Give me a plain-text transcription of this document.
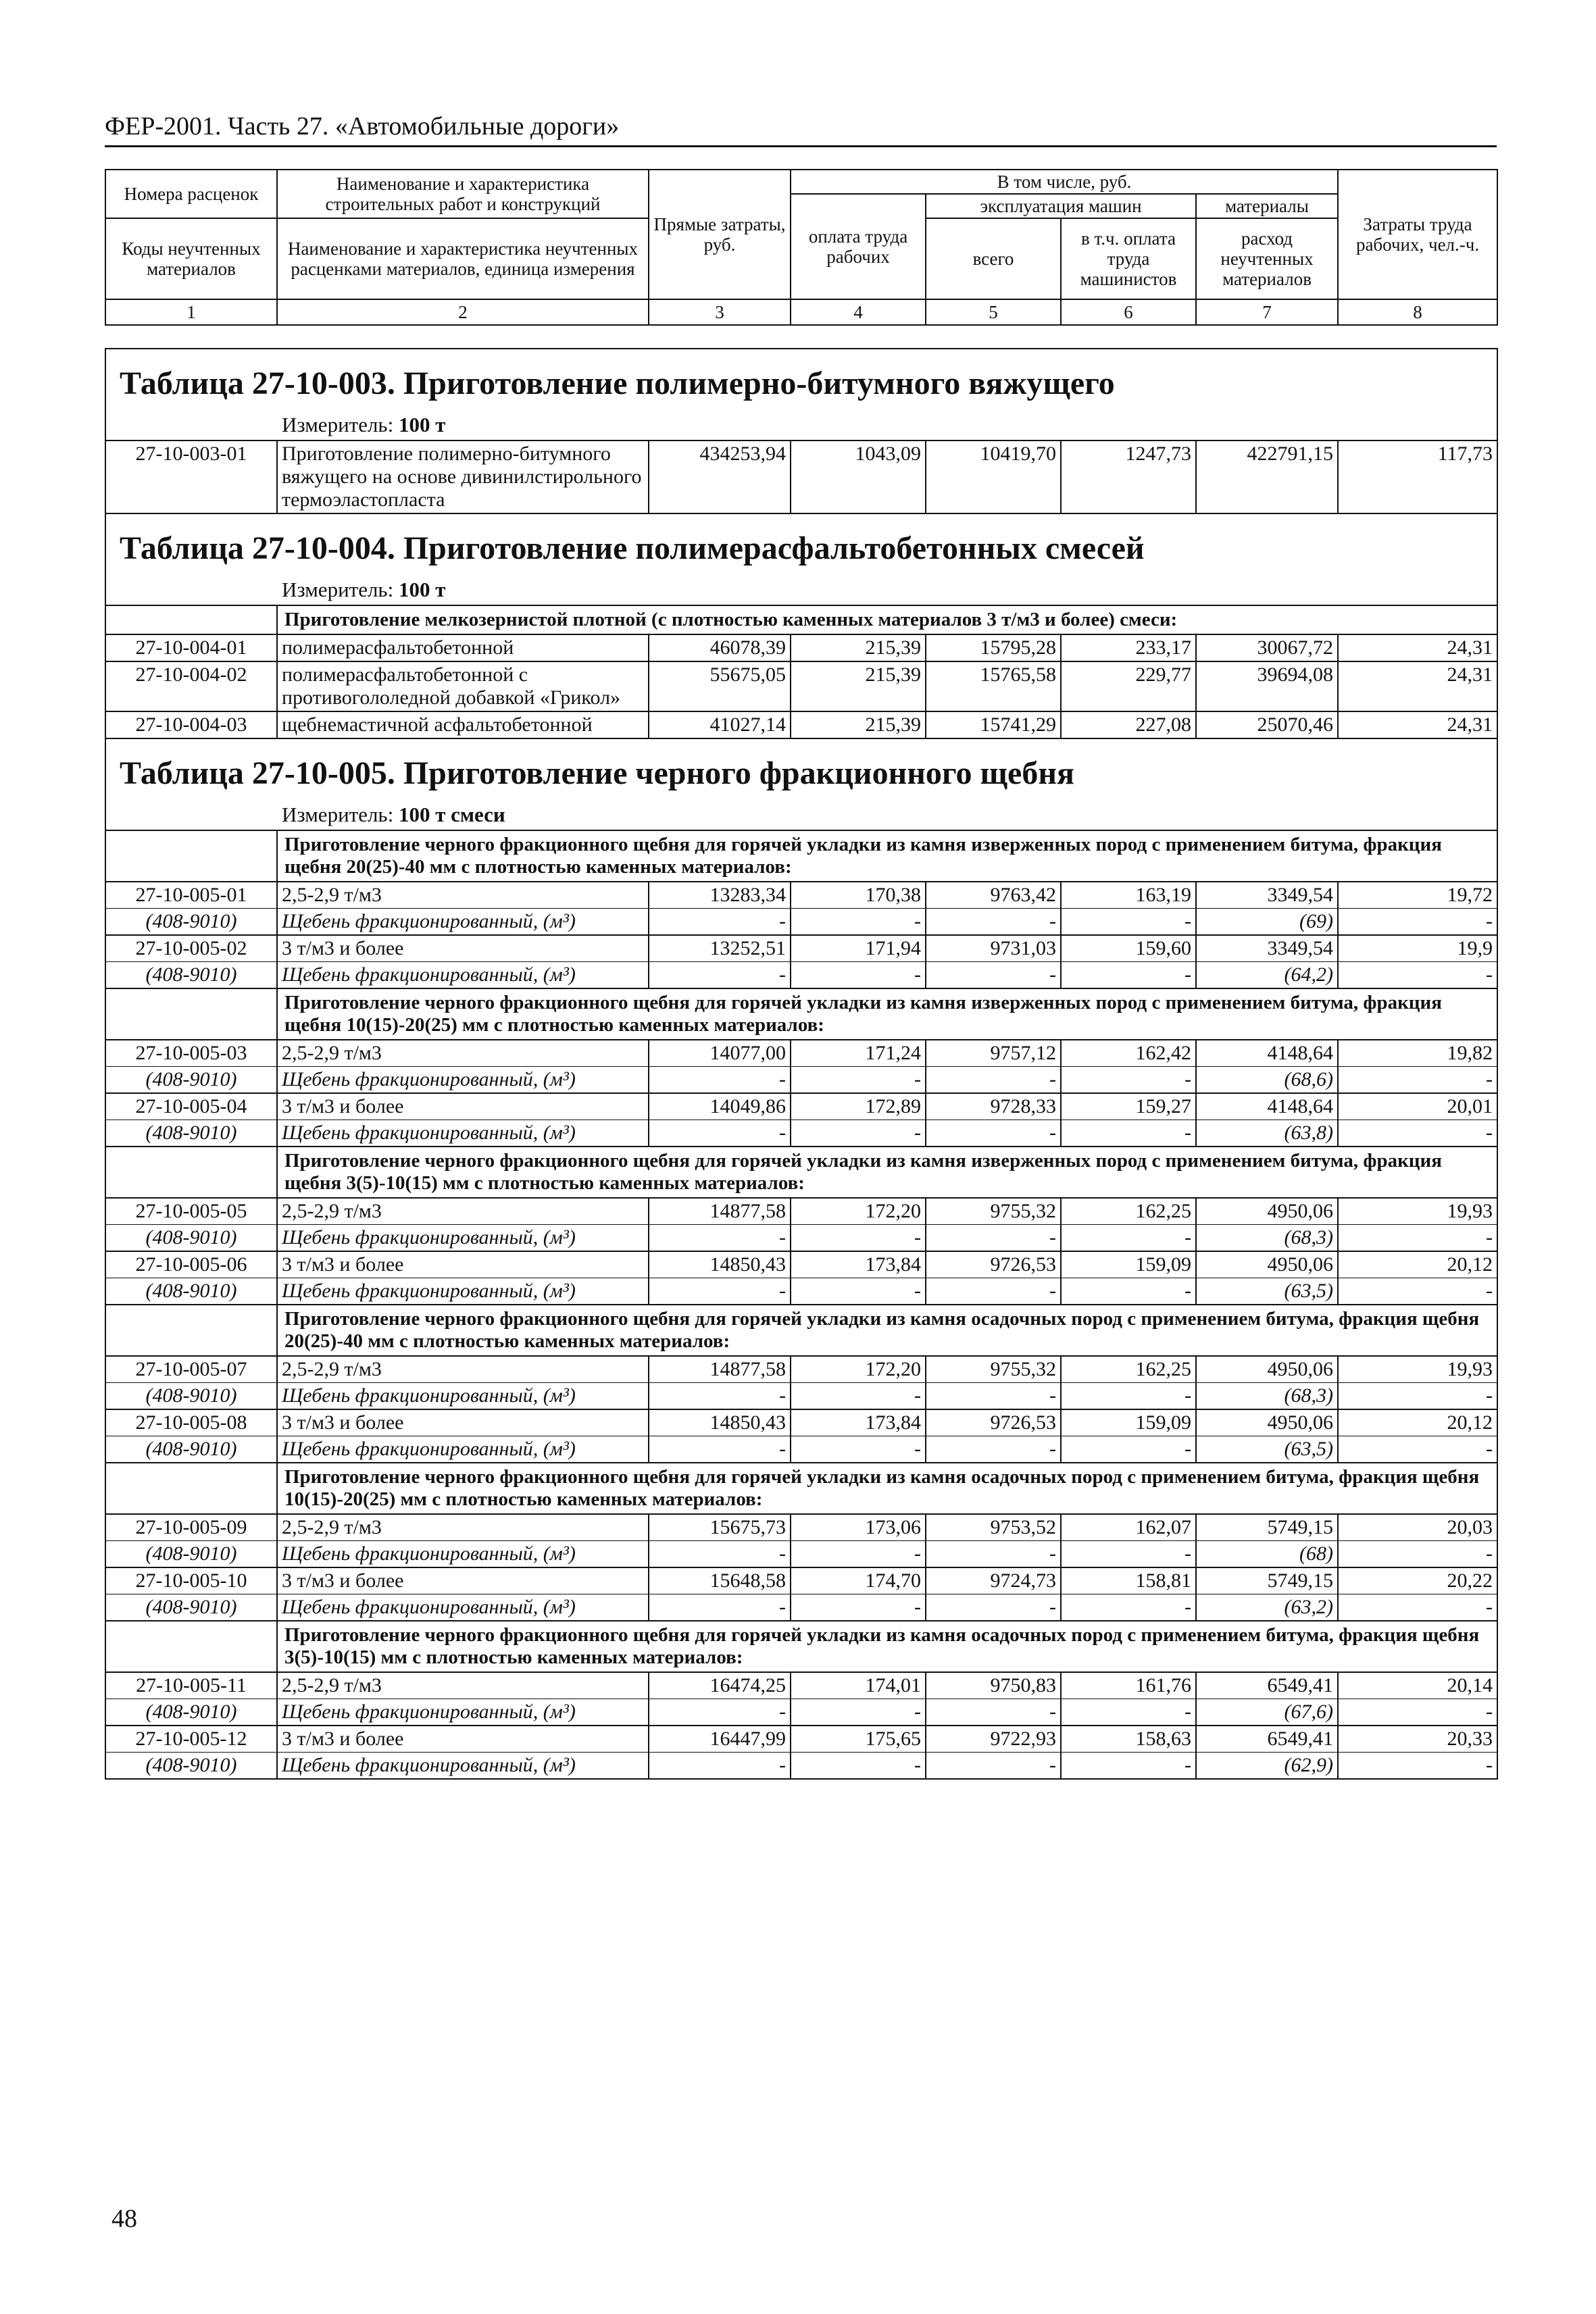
ФЕР-2001. Часть 27. «Автомобильные дороги»
Номера расценок	Наименование и характеристика строительных работ и конструкций	Прямые затраты, руб.	В том числе, руб.				Затраты труда рабочих, чел.-ч.
			оплата труда рабочих	эксплуатация машин		материалы	
Коды неучтенных материалов	Наименование и характеристика неучтенных расценками материалов, единица измерения			всего	в т.ч. оплата труда машинистов	расход неучтенных материалов	

1	2	3	4	5	6	7	8
Таблица 27-10-003. Приготовление полимерно-битумного вяжущего
Измеритель: 100 т							

27-10-003-01	Приготовление полимерно-битумного вяжущего на основе дивинилстирольного термоэластопласта	434253,94	1043,09	10419,70	1247,73	422791,15	117,73

Таблица 27-10-004. Приготовление полимерасфальтобетонных смесей
Измеритель: 100 т							

	Приготовление мелкозернистой плотной (с плотностью каменных материалов 3 т/м3 и более) смеси:						
27-10-004-01	полимерасфальтобетонной	46078,39	215,39	15795,28	233,17	30067,72	24,31
27-10-004-02	полимерасфальтобетонной с противогололедной добавкой «Грикол»	55675,05	215,39	15765,58	229,77	39694,08	24,31
27-10-004-03	щебнемастичной асфальтобетонной	41027,14	215,39	15741,29	227,08	25070,46	24,31

Таблица 27-10-005. Приготовление черного фракционного щебня
Измеритель: 100 т смеси							

	Приготовление черного фракционного щебня для горячей укладки из камня изверженных пород с применением битума, фракция щебня 20(25)-40 мм с плотностью каменных материалов:						
27-10-005-01	2,5-2,9 т/м3	13283,34	170,38	9763,42	163,19	3349,54	19,72
(408-9010)	Щебень фракционированный, (м³)	-	-	-	-	(69)	-
27-10-005-02	3 т/м3 и более	13252,51	171,94	9731,03	159,60	3349,54	19,9
(408-9010)	Щебень фракционированный, (м³)	-	-	-	-	(64,2)	-
	Приготовление черного фракционного щебня для горячей укладки из камня изверженных пород с применением битума, фракция щебня 10(15)-20(25) мм с плотностью каменных материалов:						
27-10-005-03	2,5-2,9 т/м3	14077,00	171,24	9757,12	162,42	4148,64	19,82
(408-9010)	Щебень фракционированный, (м³)	-	-	-	-	(68,6)	-
27-10-005-04	3 т/м3 и более	14049,86	172,89	9728,33	159,27	4148,64	20,01
(408-9010)	Щебень фракционированный, (м³)	-	-	-	-	(63,8)	-
	Приготовление черного фракционного щебня для горячей укладки из камня изверженных пород с применением битума, фракция щебня 3(5)-10(15) мм с плотностью каменных материалов:						
27-10-005-05	2,5-2,9 т/м3	14877,58	172,20	9755,32	162,25	4950,06	19,93
(408-9010)	Щебень фракционированный, (м³)	-	-	-	-	(68,3)	-
27-10-005-06	3 т/м3 и более	14850,43	173,84	9726,53	159,09	4950,06	20,12
(408-9010)	Щебень фракционированный, (м³)	-	-	-	-	(63,5)	-
	Приготовление черного фракционного щебня для горячей укладки из камня осадочных пород с применением битума, фракция щебня 20(25)-40 мм с плотностью каменных материалов:						
27-10-005-07	2,5-2,9 т/м3	14877,58	172,20	9755,32	162,25	4950,06	19,93
(408-9010)	Щебень фракционированный, (м³)	-	-	-	-	(68,3)	-
27-10-005-08	3 т/м3 и более	14850,43	173,84	9726,53	159,09	4950,06	20,12
(408-9010)	Щебень фракционированный, (м³)	-	-	-	-	(63,5)	-
	Приготовление черного фракционного щебня для горячей укладки из камня осадочных пород с применением битума, фракция щебня 10(15)-20(25) мм с плотностью каменных материалов:						
27-10-005-09	2,5-2,9 т/м3	15675,73	173,06	9753,52	162,07	5749,15	20,03
(408-9010)	Щебень фракционированный, (м³)	-	-	-	-	(68)	-
27-10-005-10	3 т/м3 и более	15648,58	174,70	9724,73	158,81	5749,15	20,22
(408-9010)	Щебень фракционированный, (м³)	-	-	-	-	(63,2)	-
	Приготовление черного фракционного щебня для горячей укладки из камня осадочных пород с применением битума, фракция щебня 3(5)-10(15) мм с плотностью каменных материалов:						
27-10-005-11	2,5-2,9 т/м3	16474,25	174,01	9750,83	161,76	6549,41	20,14
(408-9010)	Щебень фракционированный, (м³)	-	-	-	-	(67,6)	-
27-10-005-12	3 т/м3 и более	16447,99	175,65	9722,93	158,63	6549,41	20,33
(408-9010)	Щебень фракционированный, (м³)	-	-	-	-	(62,9)	-
48
